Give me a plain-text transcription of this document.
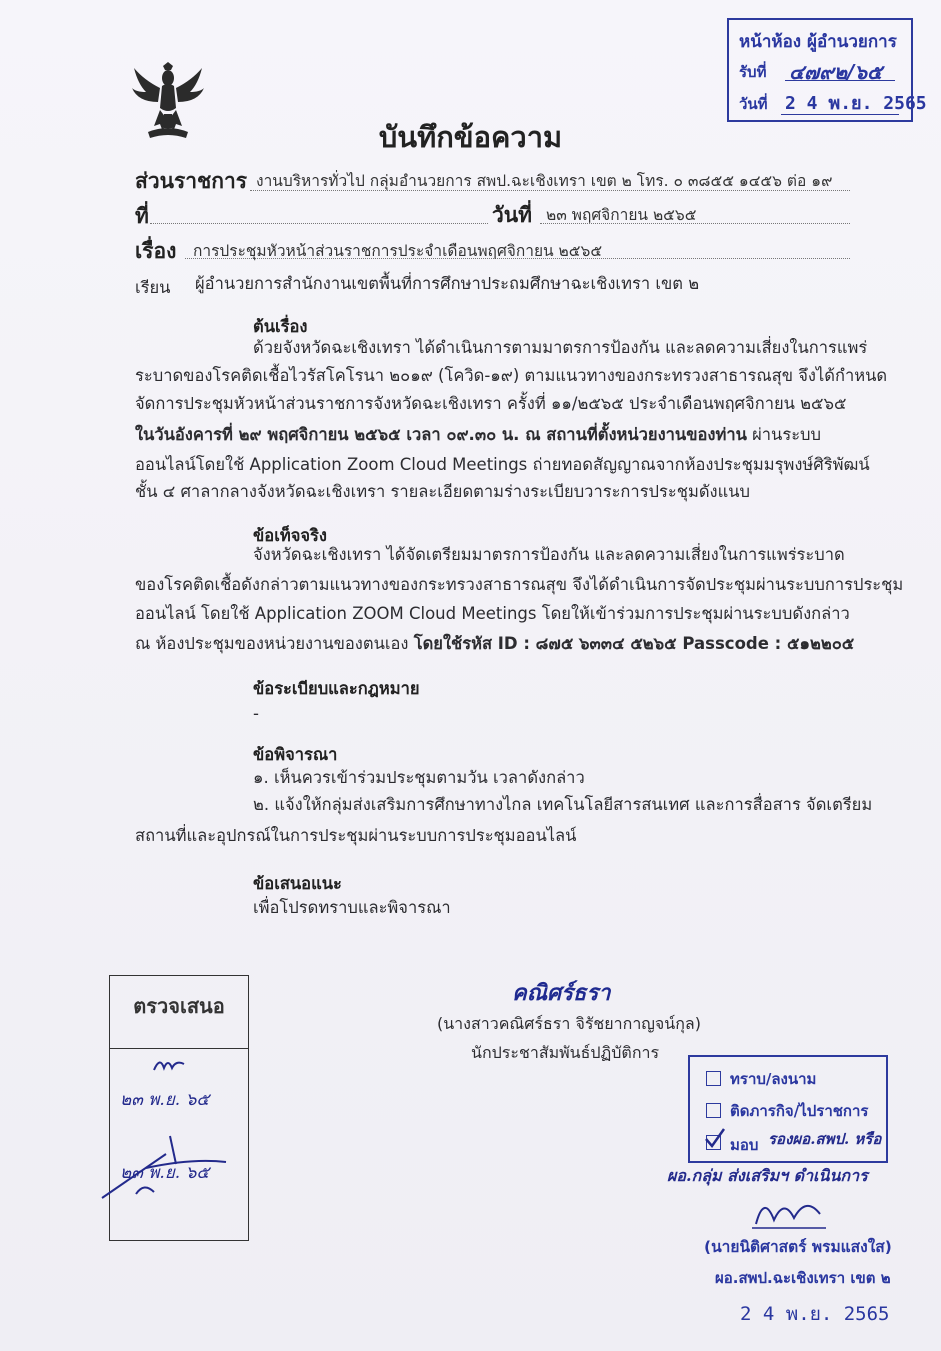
หน้าห้อง ผู้อำนวยการ
รับที่ ๔๗๙๒/๖๕
วันที่ 2 4 พ.ย. 2565
บันทึกข้อความ
ส่วนราชการ งานบริหารทั่วไป กลุ่มอำนวยการ สพป.ฉะเชิงเทรา เขต ๒ โทร. ๐ ๓๘๕๕ ๑๔๕๖ ต่อ ๑๙
ที่	วันที่ ๒๓ พฤศจิกายน ๒๕๖๕
เรื่อง การประชุมหัวหน้าส่วนราชการประจำเดือนพฤศจิกายน ๒๕๖๕
เรียน ผู้อำนวยการสำนักงานเขตพื้นที่การศึกษาประถมศึกษาฉะเชิงเทรา เขต ๒
ต้นเรื่อง
ด้วยจังหวัดฉะเชิงเทรา ได้ดำเนินการตามมาตรการป้องกัน และลดความเสี่ยงในการแพร่
ระบาดของโรคติดเชื้อไวรัสโคโรนา ๒๐๑๙ (โควิด-๑๙) ตามแนวทางของกระทรวงสาธารณสุข จึงได้กำหนด
จัดการประชุมหัวหน้าส่วนราชการจังหวัดฉะเชิงเทรา ครั้งที่ ๑๑/๒๕๖๕ ประจำเดือนพฤศจิกายน ๒๕๖๕
ในวันอังคารที่ ๒๙ พฤศจิกายน ๒๕๖๕ เวลา ๐๙.๓๐ น. ณ สถานที่ตั้งหน่วยงานของท่าน ผ่านระบบ
ออนไลน์โดยใช้ Application Zoom Cloud Meetings ถ่ายทอดสัญญาณจากห้องประชุมมรุพงษ์ศิริพัฒน์
ชั้น ๔ ศาลากลางจังหวัดฉะเชิงเทรา รายละเอียดตามร่างระเบียบวาระการประชุมดังแนบ
ข้อเท็จจริง
จังหวัดฉะเชิงเทรา ได้จัดเตรียมมาตรการป้องกัน และลดความเสี่ยงในการแพร่ระบาด
ของโรคติดเชื้อดังกล่าวตามแนวทางของกระทรวงสาธารณสุข จึงได้ดำเนินการจัดประชุมผ่านระบบการประชุม
ออนไลน์ โดยใช้ Application ZOOM Cloud Meetings โดยให้เข้าร่วมการประชุมผ่านระบบดังกล่าว
ณ ห้องประชุมของหน่วยงานของตนเอง โดยใช้รหัส ID : ๘๗๕ ๖๓๓๔ ๕๒๖๕ Passcode : ๕๑๒๒๐๕
ข้อระเบียบและกฎหมาย
-
ข้อพิจารณา
๑. เห็นควรเข้าร่วมประชุมตามวัน เวลาดังกล่าว
๒. แจ้งให้กลุ่มส่งเสริมการศึกษาทางไกล เทคโนโลยีสารสนเทศ และการสื่อสาร จัดเตรียม
สถานที่และอุปกรณ์ในการประชุมผ่านระบบการประชุมออนไลน์
ข้อเสนอแนะ
เพื่อโปรดทราบและพิจารณา
คณิศร์ธรา
(นางสาวคณิศร์ธรา จิรัชยากาญจน์กุล)
นักประชาสัมพันธ์ปฏิบัติการ
ตรวจเสนอ
๒๓ พ.ย. ๖๕
๒๓ พ.ย. ๖๕
ทราบ/ลงนาม
ติดภารกิจ/ไปราชการ
มอบ รองผอ.สพป. หรือ
ผอ.กลุ่ม ส่งเสริมฯ ดำเนินการ
(นายนิติศาสตร์ พรมแสงใส)
ผอ.สพป.ฉะเชิงเทรา เขต ๒
2 4 พ.ย. 2565
